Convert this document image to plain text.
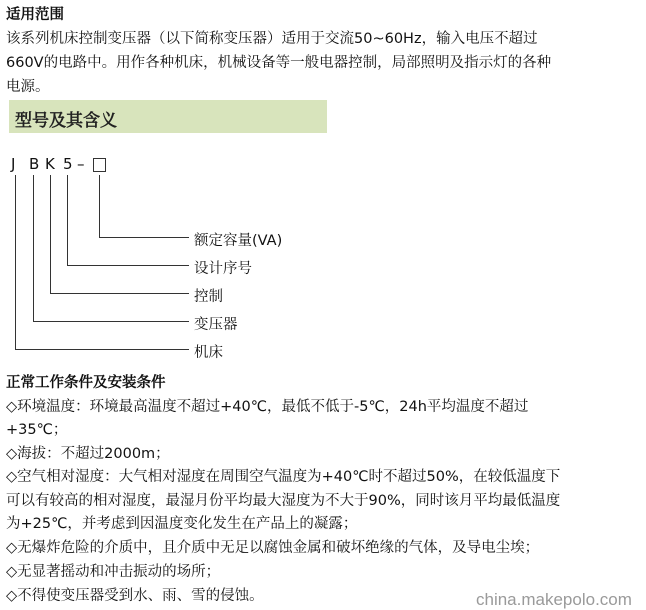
适用范围
该系列机床控制变压器（以下简称变压器）适用于交流50~60Hz，输入电压不超过
660V的电路中。用作各种机床，机械设备等一般电器控制，局部照明及指示灯的各种
电源。
型号及其含义
J B K 5 –
额定容量(VA)
设计序号
控制
变压器
机床
正常工作条件及安装条件
◇环境温度：环境最高温度不超过+40℃，最低不低于-5℃，24h平均温度不超过
+35℃；
◇海拔：不超过2000m；
◇空气相对湿度：大气相对湿度在周围空气温度为+40℃时不超过50%，在较低温度下
可以有较高的相对湿度，最湿月份平均最大湿度为不大于90%，同时该月平均最低温度
为+25℃，并考虑到因温度变化发生在产品上的凝露；
◇无爆炸危险的介质中，且介质中无足以腐蚀金属和破坏绝缘的气体，及导电尘埃；
◇无显著摇动和冲击振动的场所；
◇不得使变压器受到水、雨、雪的侵蚀。	china.makepolo.com
